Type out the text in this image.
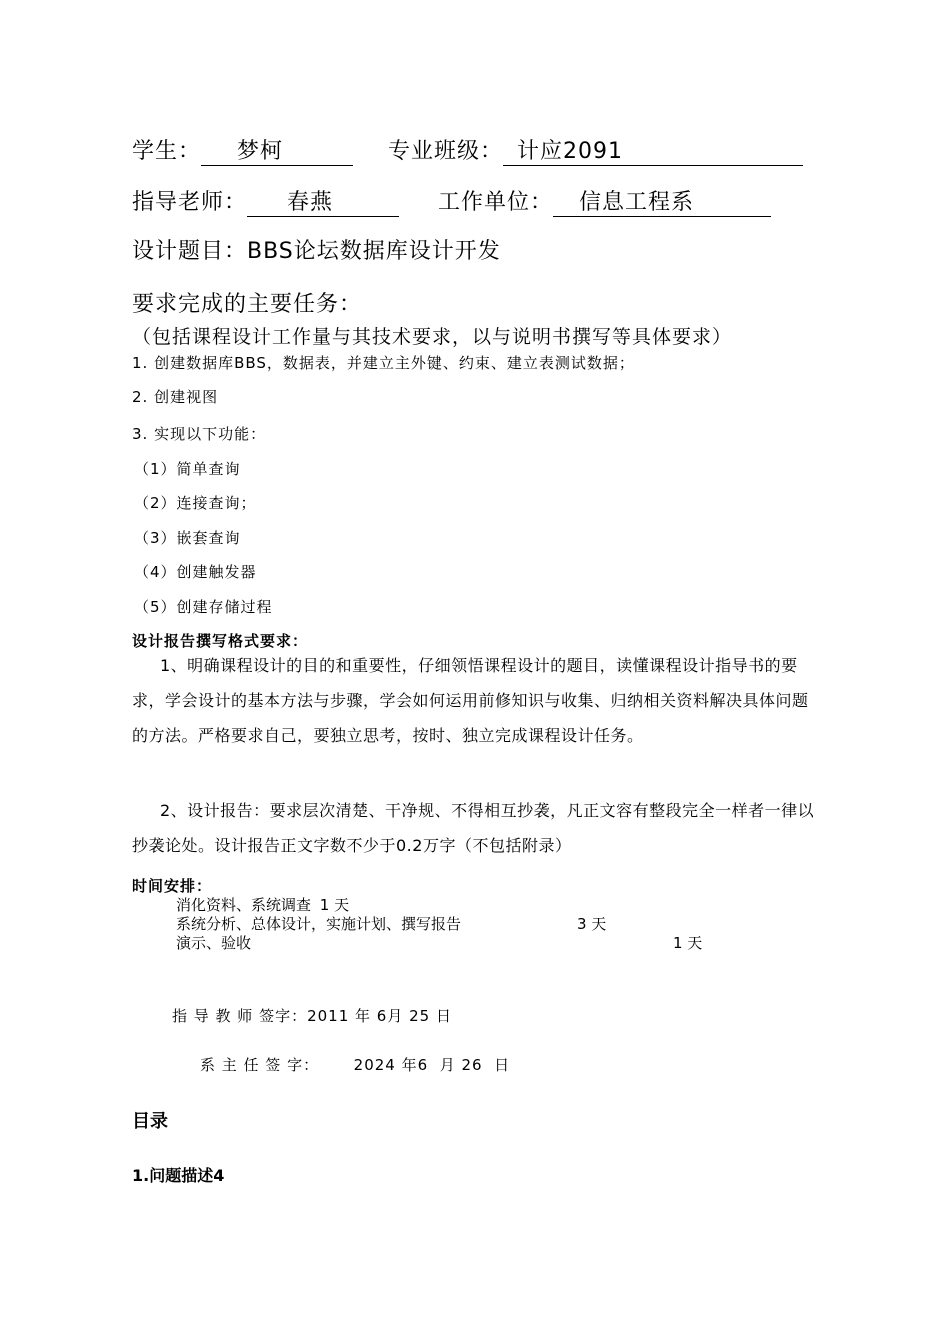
学生： 梦柯	专业班级： 计应2091
指导老师： 春燕	工作单位： 信息工程系
设计题目：BBS论坛数据库设计开发
要求完成的主要任务：
（包括课程设计工作量与其技术要求，以与说明书撰写等具体要求）
1. 创建数据库BBS，数据表，并建立主外键、约束、建立表测试数据；
2. 创建视图
3. 实现以下功能：
（1）简单查询
（2）连接查询；
（3）嵌套查询
（4）创建触发器
（5）创建存储过程
设计报告撰写格式要求：
1、明确课程设计的目的和重要性，仔细领悟课程设计的题目，读懂课程设计指导书的要求，学会设计的基本方法与步骤，学会如何运用前修知识与收集、归纳相关资料解决具体问题的方法。严格要求自己，要独立思考，按时、独立完成课程设计任务。
2、设计报告：要求层次清楚、干净规、不得相互抄袭，凡正文容有整段完全一样者一律以抄袭论处。设计报告正文字数不少于0.2万字（不包括附录）
时间安排：
消化资料、系统调查 1 天
系统分析、总体设计，实施计划、撰写报告	3 天
演示、验收	1 天
指 导 教 师 签字：2011 年 6月 25 日
系 主 任 签 字：      2024 年6  月 26  日
目录
1.问题描述4
